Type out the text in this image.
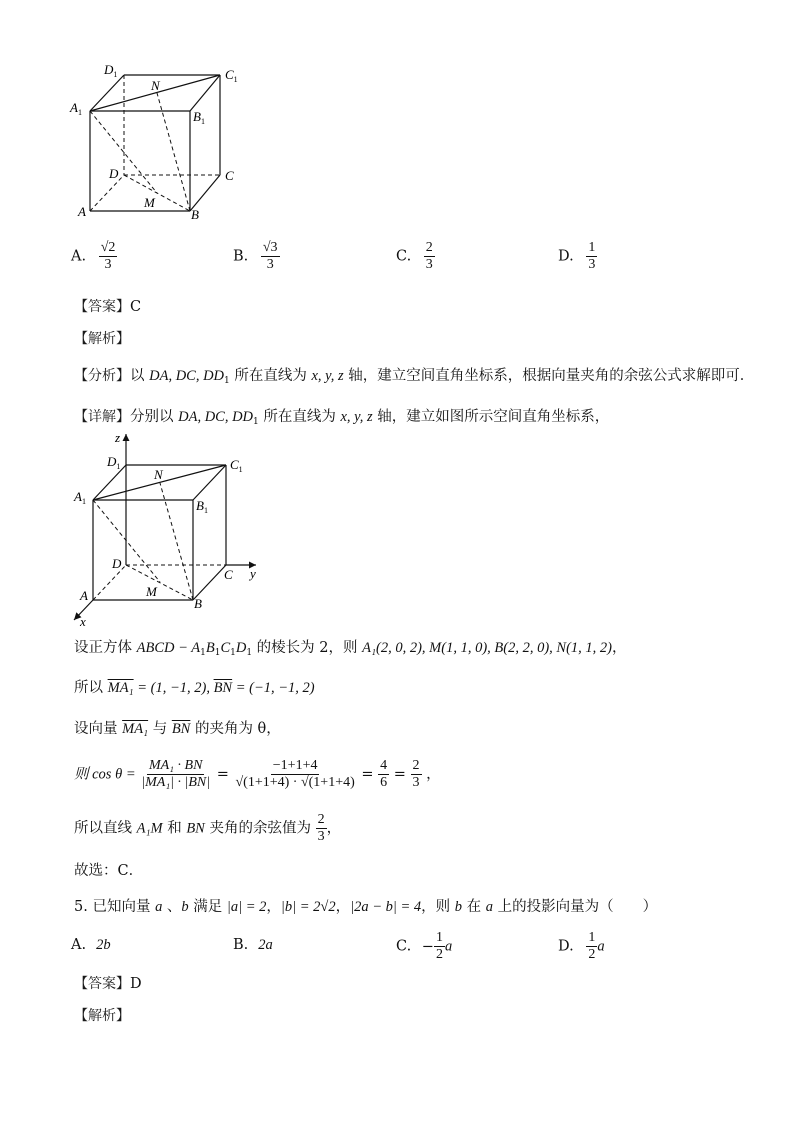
$D_1$	$C_1$
$A_1$	$B_1$
N
D	C
A
M
B
A. $\frac{√2}{3}$	B. $\frac{√3}{3}$	C. $\frac{2}{3}$	D. $\frac{1}{3}$
【答案】C
【解析】
【分析】以 DA, DC, $DD_1$ 所在直线为 x, y, z 轴，建立空间直角坐标系，根据向量夹角的余弦公式求解即可．
【详解】分别以 DA, DC, $DD_1$ 所在直线为 x, y, z 轴，建立如图所示空间直角坐标系，
z
y
x
$D_1$	$C_1$
$A_1$	$B_1$
N
D
C
A	M
B
设正方体 ABCD − $A_1B_1C_1D_1$ 的棱长为 2，则 A₁(2, 0, 2), M(1, 1, 0), B(2, 2, 0), N(1, 1, 2)，
所以 MA₁ = (1, −1, 2), $\overline{BN} = (-1$, −1, 2)
设向量 MA₁ 与 $\overline{BN}$ 的夹角为 θ，
则 $\cos \theta = \frac{\text{MA₁ · BN}}{\text{|MA₁| · |BN|}} = \frac{-1+1+4}{√(1+1+4) \cdot √(1+1+4)} = \frac{4}{6} = \frac{2}{3}$ ，
所以直线 A₁M 和 BN 夹角的余弦值为 $\frac{2}{3}$ ，
故选：C．
5. 已知向量 a 、b 满足 |a| = 2，|b| = 2√2，|2a − b| = 4，则 b 在 a 上的投影向量为（　　）
A. 2b	B. 2a	C. − $\frac{1}{2}$ a	D. $\frac{1}{2}$ a
【答案】D
【解析】
